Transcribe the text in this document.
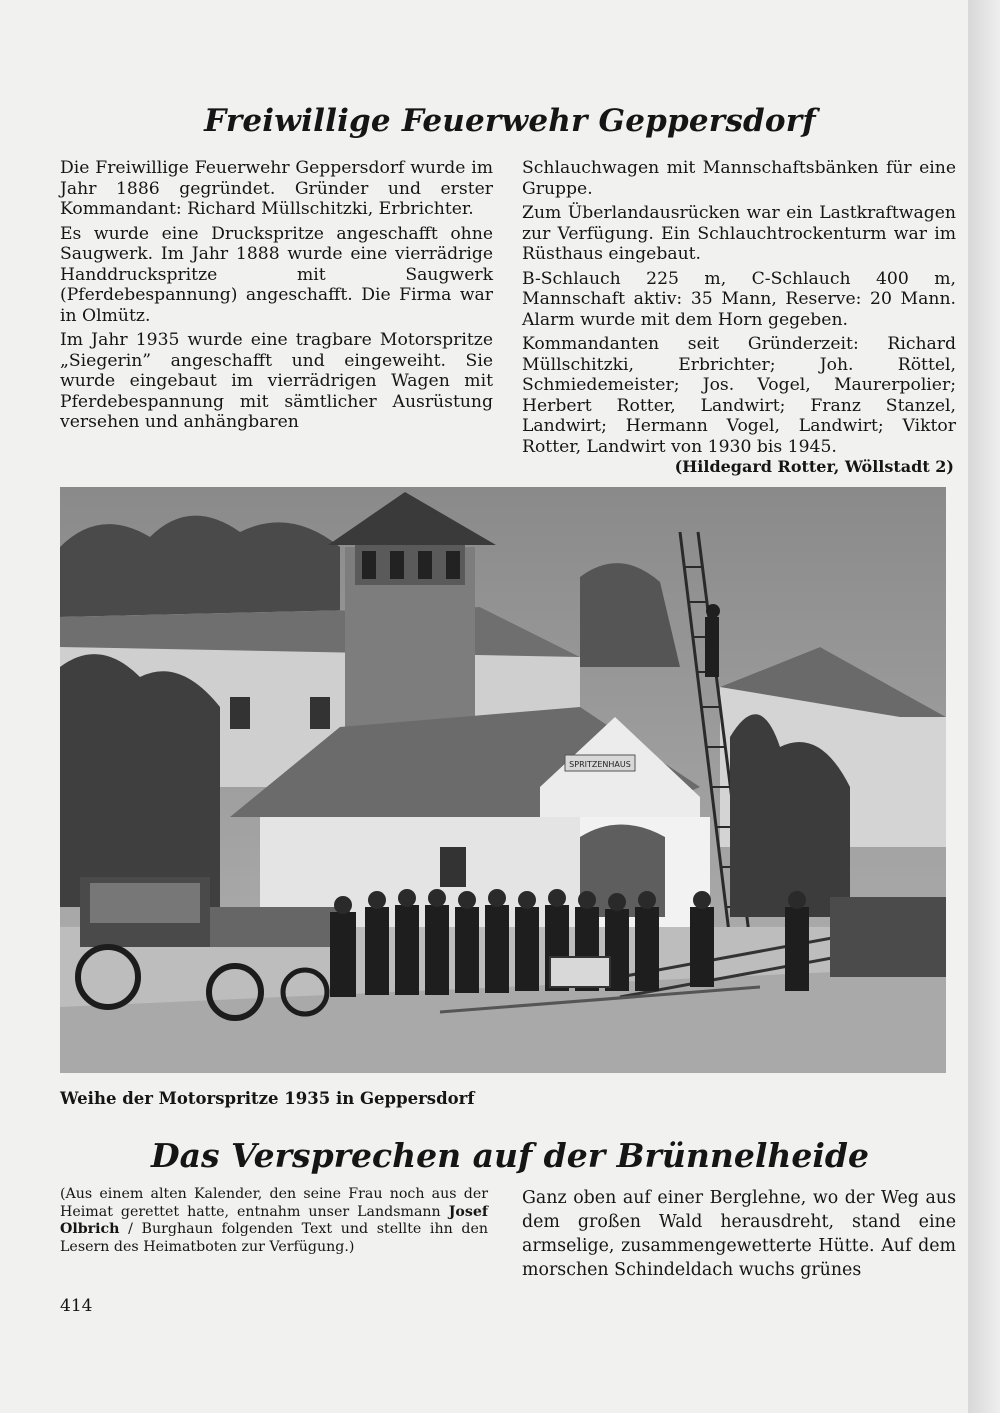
Freiwillige Feuerwehr Geppersdorf

Die Freiwillige Feuerwehr Geppersdorf wurde im Jahr 1886 gegründet. Gründer und erster Kommandant: Richard Müllschitzki, Erbrichter.

Es wurde eine Druckspritze angeschafft ohne Saugwerk. Im Jahr 1888 wurde eine vierrädrige Handdruckspritze mit Saugwerk (Pferdebespannung) angeschafft. Die Firma war in Olmütz.

Im Jahr 1935 wurde eine tragbare Motorspritze „Siegerin” angeschafft und eingeweiht. Sie wurde eingebaut im vierrädrigen Wagen mit Pferdebespannung mit sämtlicher Ausrüstung versehen und anhängbaren

Schlauchwagen mit Mannschaftsbänken für eine Gruppe.

Zum Überlandausrücken war ein Lastkraftwagen zur Verfügung. Ein Schlauchtrockenturm war im Rüsthaus eingebaut.

B-Schlauch 225 m, C-Schlauch 400 m, Mannschaft aktiv: 35 Mann, Reserve: 20 Mann. Alarm wurde mit dem Horn gegeben.

Kommandanten seit Gründerzeit: Richard Müllschitzki, Erbrichter; Joh. Röttel, Schmiedemeister; Jos. Vogel, Maurerpolier; Herbert Rotter, Landwirt; Franz Stanzel, Landwirt; Hermann Vogel, Landwirt; Viktor Rotter, Landwirt von 1930 bis 1945.

(Hildegard Rotter, Wöllstadt 2)
SPRITZENHAUS
Weihe der Motorspritze 1935 in Geppersdorf
Das Versprechen auf der Brünnelheide
(Aus einem alten Kalender, den seine Frau noch aus der Heimat gerettet hatte, entnahm unser Landsmann Josef Olbrich / Burghaun folgenden Text und stellte ihn den Lesern des Heimatboten zur Verfügung.)
Ganz oben auf einer Berglehne, wo der Weg aus dem großen Wald herausdreht, stand eine armselige, zusammengewetterte Hütte. Auf dem morschen Schindeldach wuchs grünes
414
